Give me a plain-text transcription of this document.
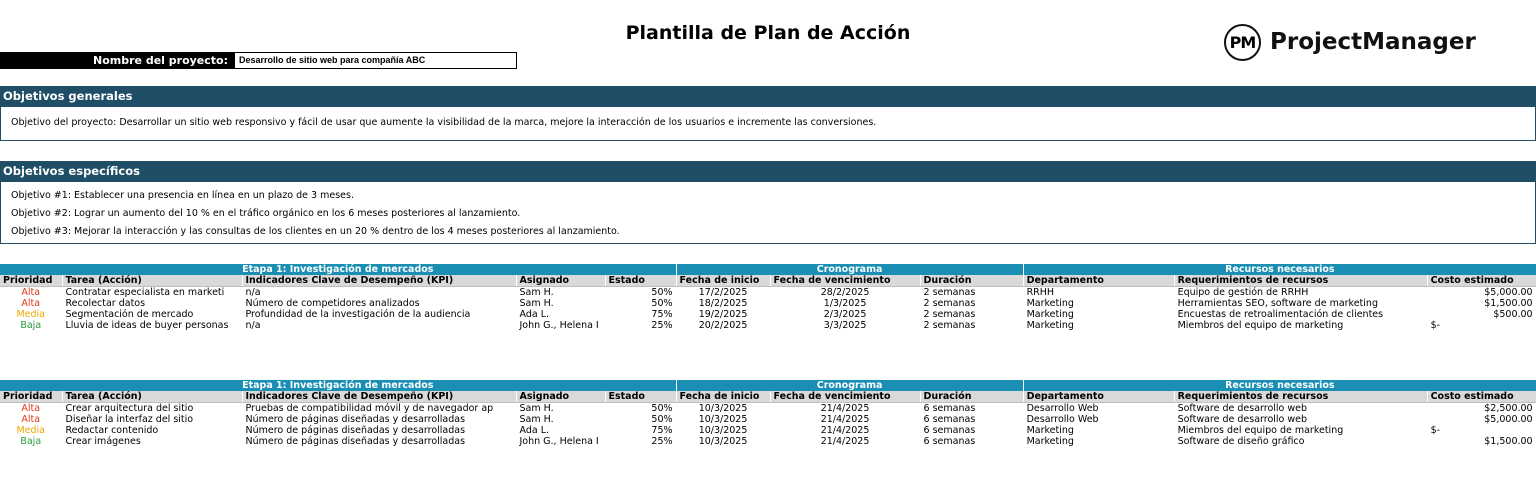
Plantilla de Plan de Acción	PM ProjectManager
Nombre del proyecto:	Desarrollo de sitio web para compañía ABC
Objetivos generales
Objetivo del proyecto: Desarrollar un sitio web responsivo y fácil de usar que aumente la visibilidad de la marca, mejore la interacción de los usuarios e incremente las conversiones.
Objetivos específicos
Objetivo #1: Establecer una presencia en línea en un plazo de 3 meses.
Objetivo #2: Lograr un aumento del 10 % en el tráfico orgánico en los 6 meses posteriores al lanzamiento.
Objetivo #3: Mejorar la interacción y las consultas de los clientes en un 20 % dentro de los 4 meses posteriores al lanzamiento.
Etapa 1: Investigación de mercados					Cronograma			Recursos necesarios		
Prioridad	Tarea (Acción)	Indicadores Clave de Desempeño (KPI)	Asignado	Estado	Fecha de inicio	Fecha de vencimiento	Duración	Departamento	Requerimientos de recursos	Costo estimado
Alta	Contratar especialista en marketi	n/a	Sam H.	50%	17/2/2025	28/2/2025	2 semanas	RRHH	Equipo de gestión de RRHH	$5,000.00
Alta	Recolectar datos	Número de competidores analizados	Sam H.	50%	18/2/2025	1/3/2025	2 semanas	Marketing	Herramientas SEO, software de marketing	$1,500.00
Media	Segmentación de mercado	Profundidad de la investigación de la audiencia	Ada L.	75%	19/2/2025	2/3/2025	2 semanas	Marketing	Encuestas de retroalimentación de clientes	$500.00
Baja	Lluvia de ideas de buyer personas	n/a	John G., Helena I	25%	20/2/2025	3/3/2025	2 semanas	Marketing	Miembros del equipo de marketing	$-
Etapa 1: Investigación de mercados					Cronograma			Recursos necesarios		
Prioridad	Tarea (Acción)	Indicadores Clave de Desempeño (KPI)	Asignado	Estado	Fecha de inicio	Fecha de vencimiento	Duración	Departamento	Requerimientos de recursos	Costo estimado
Alta	Crear arquitectura del sitio	Pruebas de compatibilidad móvil y de navegador ap	Sam H.	50%	10/3/2025	21/4/2025	6 semanas	Desarrollo Web	Software de desarrollo web	$2,500.00
Alta	Diseñar la interfaz del sitio	Número de páginas diseñadas y desarrolladas	Sam H.	50%	10/3/2025	21/4/2025	6 semanas	Desarrollo Web	Software de desarrollo web	$5,000.00
Media	Redactar contenido	Número de páginas diseñadas y desarrolladas	Ada L.	75%	10/3/2025	21/4/2025	6 semanas	Marketing	Miembros del equipo de marketing	$-
Baja	Crear imágenes	Número de páginas diseñadas y desarrolladas	John G., Helena I	25%	10/3/2025	21/4/2025	6 semanas	Marketing	Software de diseño gráfico	$1,500.00
